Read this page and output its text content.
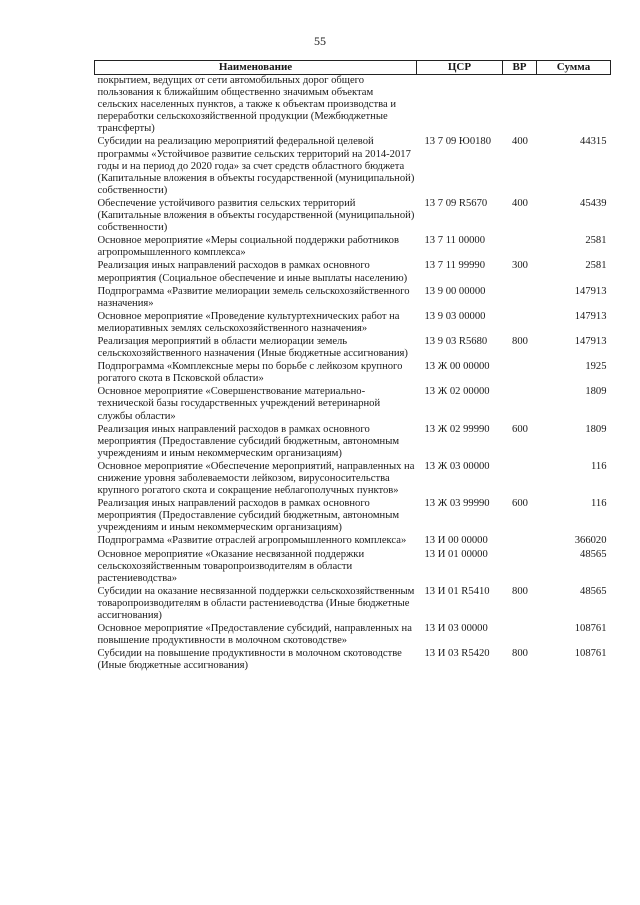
55
Наименование	ЦСР	ВР	Сумма
покрытием, ведущих от сети автомобильных дорог общего пользования к ближайшим общественно значимым объектам сельских населенных пунктов, а также к объектам производства и переработки сельскохозяйственной продукции (Межбюджетные трансферты)			
Субсидии на реализацию мероприятий федеральной целевой программы «Устойчивое развитие сельских территорий на 2014-2017 годы и на период до 2020 года» за счет средств областного бюджета (Капитальные вложения в объекты государственной (муниципальной) собственности)	13 7 09 Ю0180	400	44315
Обеспечение устойчивого развития сельских территорий (Капитальные вложения в объекты государственной (муниципальной) собственности)	13 7 09 R5670	400	45439
Основное мероприятие «Меры социальной поддержки работников агропромышленного комплекса»	13 7 11 00000		2581
Реализация иных направлений расходов в рамках основного мероприятия (Социальное обеспечение и иные выплаты населению)	13 7 11 99990	300	2581
Подпрограмма «Развитие мелиорации земель сельскохозяйственного назначения»	13 9 00 00000		147913
Основное мероприятие «Проведение культуртехнических работ на мелиоративных землях сельскохозяйственного назначения»	13 9 03 00000		147913
Реализация мероприятий в области мелиорации земель сельскохозяйственного назначения (Иные бюджетные ассигнования)	13 9 03 R5680	800	147913
Подпрограмма «Комплексные меры по борьбе с лейкозом крупного рогатого скота в Псковской области»	13 Ж 00 00000		1925
Основное мероприятие «Совершенствование материально-технической базы государственных учреждений ветеринарной службы области»	13 Ж 02 00000		1809
Реализация иных направлений расходов в рамках основного мероприятия (Предоставление субсидий бюджетным, автономным учреждениям и иным некоммерческим организациям)	13 Ж 02 99990	600	1809
Основное мероприятие «Обеспечение мероприятий, направленных на снижение уровня заболеваемости лейкозом, вирусоносительства крупного рогатого скота и сокращение неблагополучных пунктов»	13 Ж 03 00000		116
Реализация иных направлений расходов в рамках основного мероприятия (Предоставление субсидий бюджетным, автономным учреждениям и иным некоммерческим организациям)	13 Ж 03 99990	600	116
Подпрограмма «Развитие отраслей агропромышленного комплекса»	13 И 00 00000		366020
Основное мероприятие «Оказание несвязанной поддержки сельскохозяйственным товаропроизводителям в области растениеводства»	13 И 01 00000		48565
Субсидии на оказание несвязанной поддержки сельскохозяйственным товаропроизводителям в области растениеводства (Иные бюджетные ассигнования)	13 И 01 R5410	800	48565
Основное мероприятие «Предоставление субсидий, направленных на повышение продуктивности в молочном скотоводстве»	13 И 03 00000		108761
Субсидии на повышение продуктивности в молочном скотоводстве (Иные бюджетные ассигнования)	13 И 03 R5420	800	108761
